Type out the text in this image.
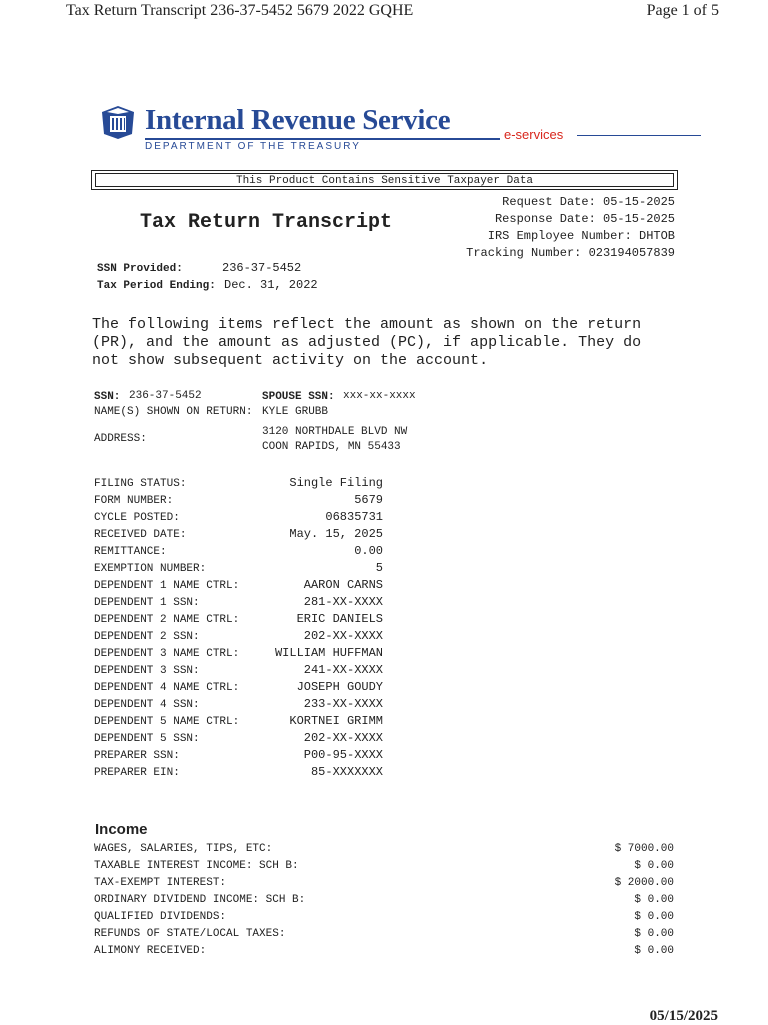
Tax Return Transcript 236-37-5452 5679 2022 GQHE	Page 1 of 5
Internal Revenue Service
DEPARTMENT OF THE TREASURY
e-services
This Product Contains Sensitive Taxpayer Data
Tax Return Transcript
Request Date: 05-15-2025
Response Date: 05-15-2025
IRS Employee Number: DHTOB
Tracking Number: 023194057839
SSN Provided:	236-37-5452
Tax Period Ending: Dec. 31, 2022
The following items reflect the amount as shown on the return
(PR), and the amount as adjusted (PC), if applicable. They do
not show subsequent activity on the account.
SSN: 236-37-5452	SPOUSE SSN: xxx-xx-xxxx
NAME(S) SHOWN ON RETURN: KYLE GRUBB
ADDRESS:
3120 NORTHDALE BLVD NW
COON RAPIDS, MN 55433
FILING STATUS:	Single Filing
FORM NUMBER:	5679
CYCLE POSTED:	06835731
RECEIVED DATE:	May. 15, 2025
REMITTANCE:	0.00
EXEMPTION NUMBER:	5
DEPENDENT 1 NAME CTRL:	AARON CARNS
DEPENDENT 1 SSN:	281-XX-XXXX
DEPENDENT 2 NAME CTRL:	ERIC DANIELS
DEPENDENT 2 SSN:	202-XX-XXXX
DEPENDENT 3 NAME CTRL:	WILLIAM HUFFMAN
DEPENDENT 3 SSN:	241-XX-XXXX
DEPENDENT 4 NAME CTRL:	JOSEPH GOUDY
DEPENDENT 4 SSN:	233-XX-XXXX
DEPENDENT 5 NAME CTRL:	KORTNEI GRIMM
DEPENDENT 5 SSN:	202-XX-XXXX
PREPARER SSN:	P00-95-XXXX
PREPARER EIN:	85-XXXXXXX
Income
WAGES, SALARIES, TIPS, ETC:	$ 7000.00
TAXABLE INTEREST INCOME: SCH B:	$ 0.00
TAX-EXEMPT INTEREST:	$ 2000.00
ORDINARY DIVIDEND INCOME: SCH B:	$ 0.00
QUALIFIED DIVIDENDS:	$ 0.00
REFUNDS OF STATE/LOCAL TAXES:	$ 0.00
ALIMONY RECEIVED:	$ 0.00
05/15/2025
